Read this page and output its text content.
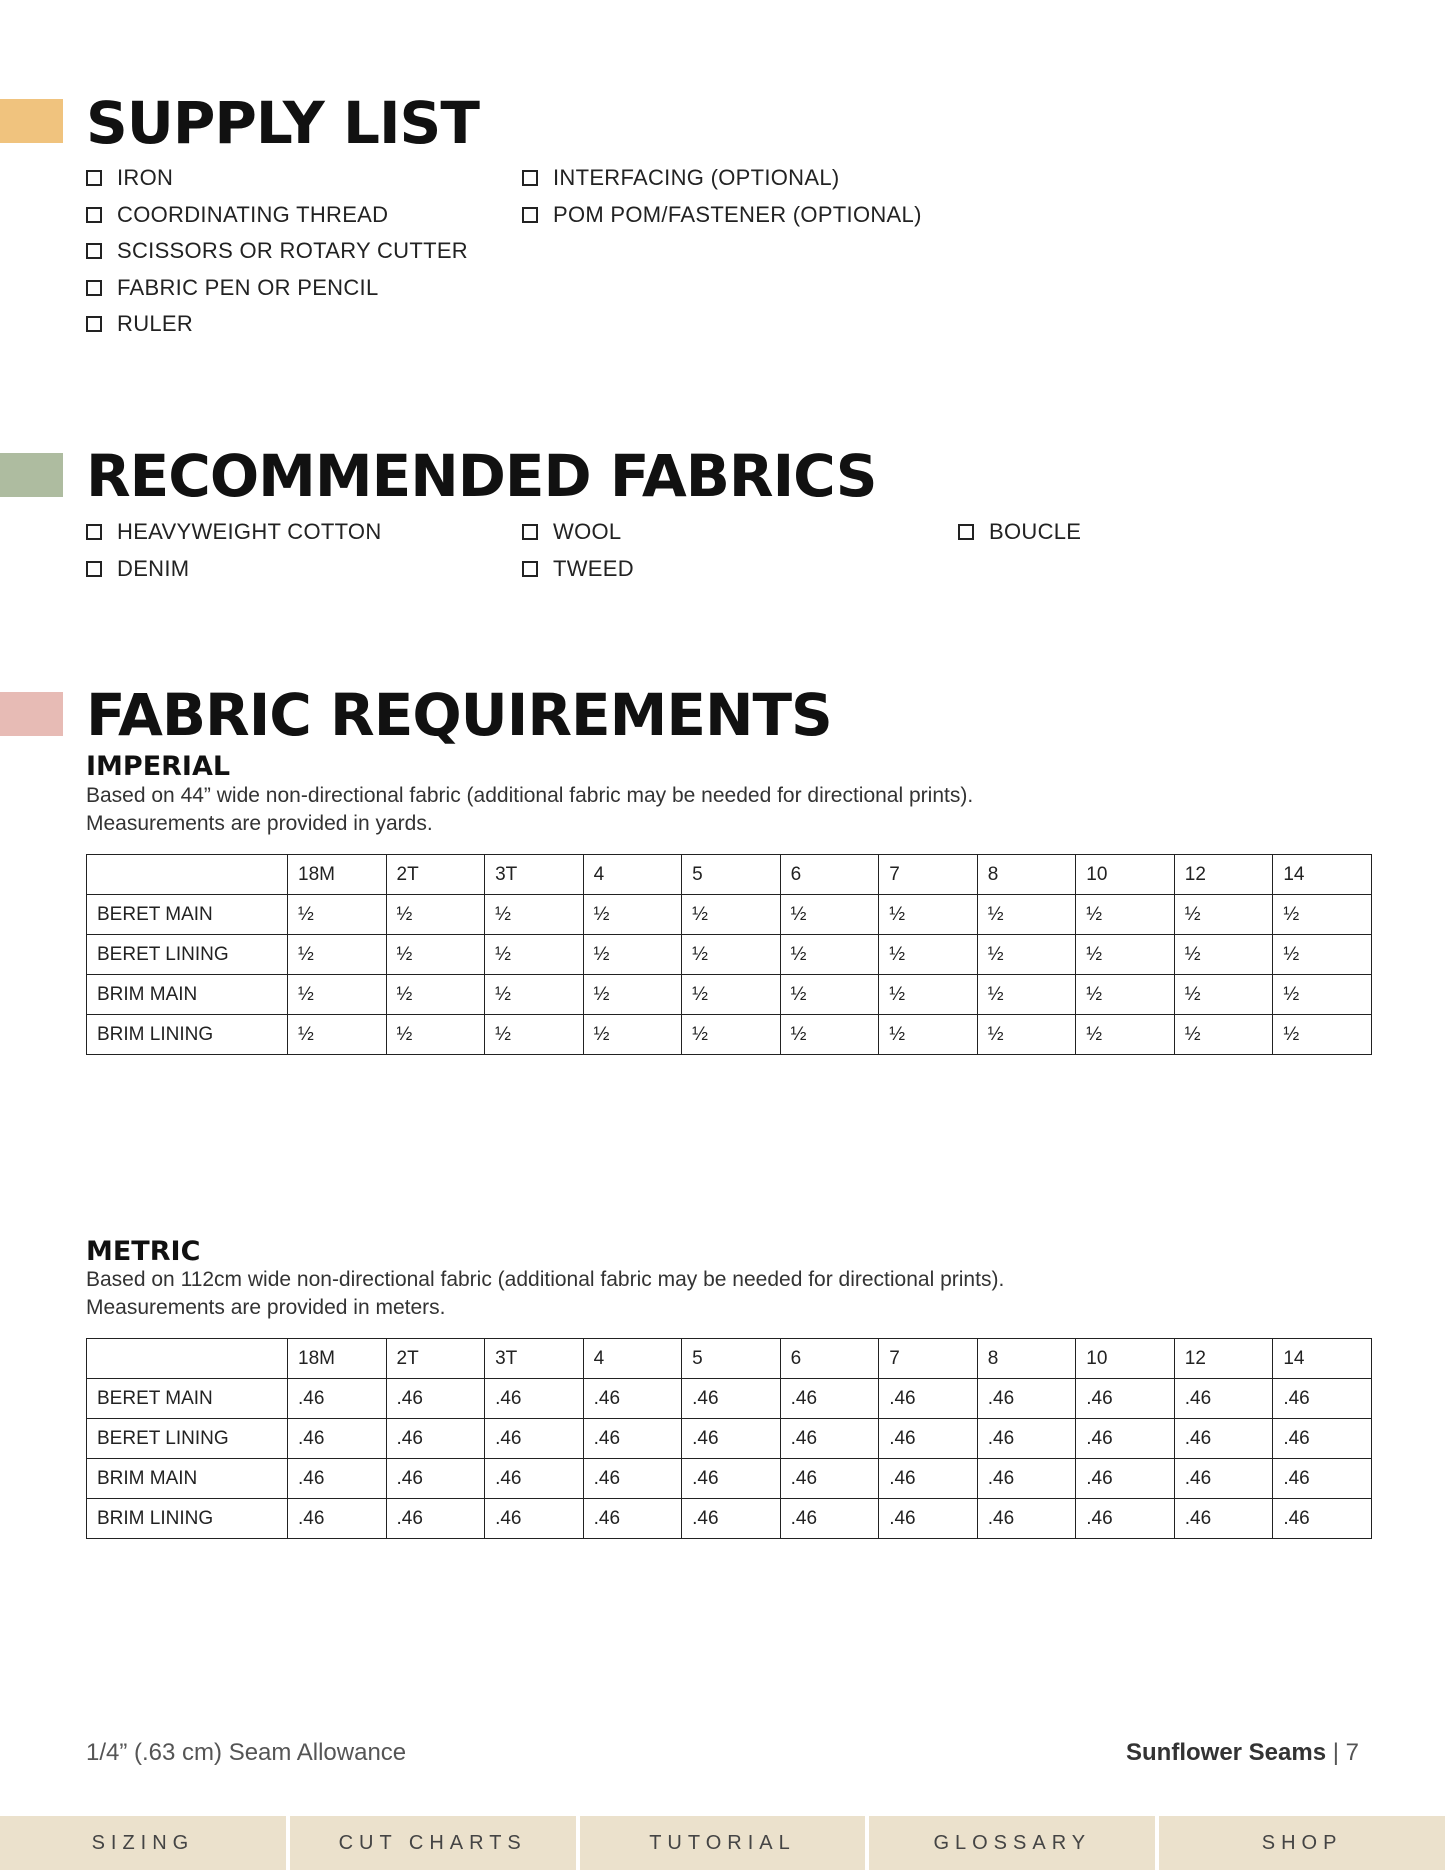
SUPPLY LIST
IRON
COORDINATING THREAD
SCISSORS OR ROTARY CUTTER
FABRIC PEN OR PENCIL
RULER
INTERFACING (OPTIONAL)
POM POM/FASTENER (OPTIONAL)
RECOMMENDED FABRICS
HEAVYWEIGHT COTTON
DENIM
WOOL
TWEED
BOUCLE
FABRIC REQUIREMENTS
IMPERIAL
Based on 44” wide non-directional fabric (additional fabric may be needed for directional prints).
Measurements are provided in yards.
	18M	2T	3T	4	5	6	7	8	10	12	14
BERET MAIN	½	½	½	½	½	½	½	½	½	½	½
BERET LINING	½	½	½	½	½	½	½	½	½	½	½
BRIM MAIN	½	½	½	½	½	½	½	½	½	½	½
BRIM LINING	½	½	½	½	½	½	½	½	½	½	½
METRIC
Based on 112cm wide non-directional fabric (additional fabric may be needed for directional prints).
Measurements are provided in meters.
	18M	2T	3T	4	5	6	7	8	10	12	14
BERET MAIN	.46	.46	.46	.46	.46	.46	.46	.46	.46	.46	.46
BERET LINING	.46	.46	.46	.46	.46	.46	.46	.46	.46	.46	.46
BRIM MAIN	.46	.46	.46	.46	.46	.46	.46	.46	.46	.46	.46
BRIM LINING	.46	.46	.46	.46	.46	.46	.46	.46	.46	.46	.46
1/4” (.63 cm) Seam Allowance	Sunflower Seams | 7
SIZING	CUT CHARTS	TUTORIAL	GLOSSARY	SHOP
